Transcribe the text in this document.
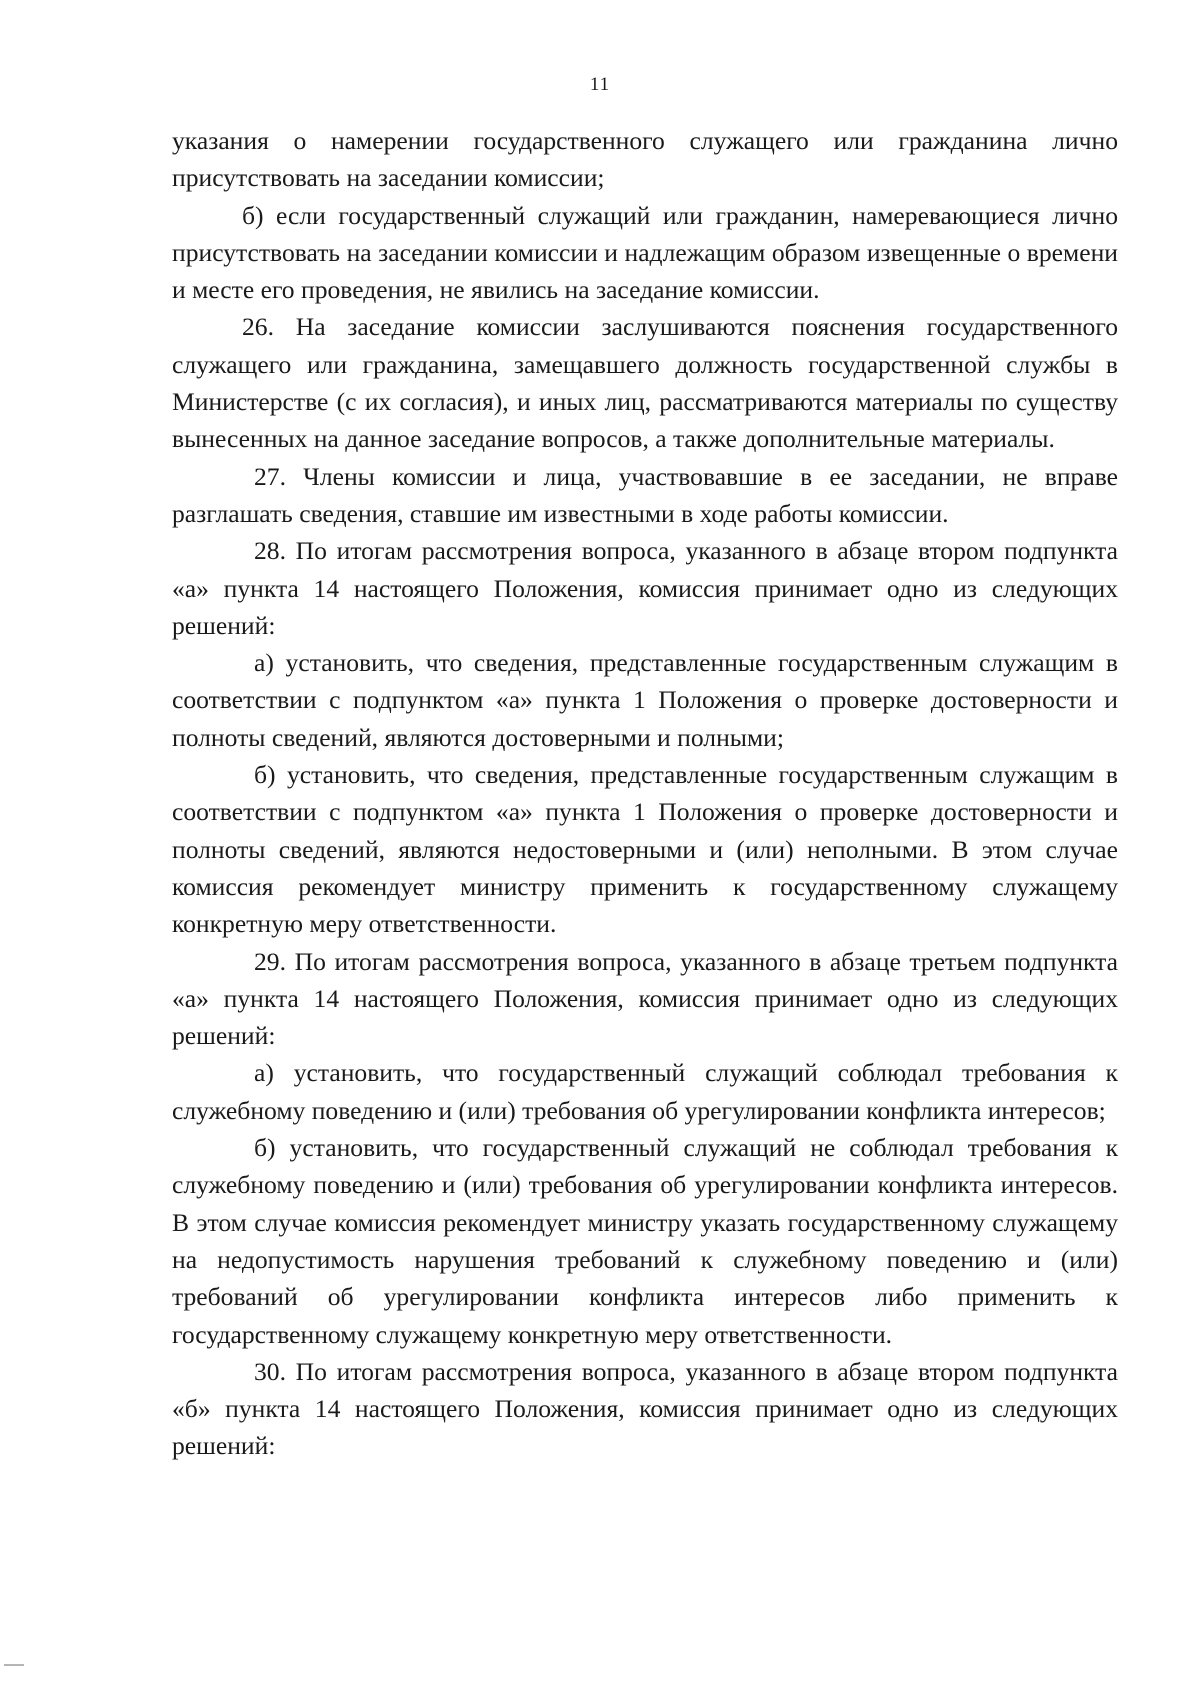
11

указания о намерении государственного служащего или гражданина лично присутствовать на заседании комиссии;

б) если государственный служащий или гражданин, намеревающиеся лично присутствовать на заседании комиссии и надлежащим образом извещенные о времени и месте его проведения, не явились на заседание комиссии.

26. На заседание комиссии заслушиваются пояснения государственного служащего или гражданина, замещавшего должность государственной службы в Министерстве (с их согласия), и иных лиц, рассматриваются материалы по существу вынесенных на данное заседание вопросов, а также дополнительные материалы.

27. Члены комиссии и лица, участвовавшие в ее заседании, не вправе разглашать сведения, ставшие им известными в ходе работы комиссии.

28. По итогам рассмотрения вопроса, указанного в абзаце втором подпункта «а» пункта 14 настоящего Положения, комиссия принимает одно из следующих решений:

а) установить, что сведения, представленные государственным служащим в соответствии с подпунктом «а» пункта 1 Положения о проверке достоверности и полноты сведений, являются достоверными и полными;

б) установить, что сведения, представленные государственным служащим в соответствии с подпунктом «а» пункта 1 Положения о проверке достоверности и полноты сведений, являются недостоверными и (или) неполными. В этом случае комиссия рекомендует министру применить к государственному служащему конкретную меру ответственности.

29. По итогам рассмотрения вопроса, указанного в абзаце третьем подпункта «а» пункта 14 настоящего Положения, комиссия принимает одно из следующих решений:

а) установить, что государственный служащий соблюдал требования к служебному поведению и (или) требования об урегулировании конфликта интересов;

б) установить, что государственный служащий не соблюдал требования к служебному поведению и (или) требования об урегулировании конфликта интересов. В этом случае комиссия рекомендует министру указать государственному служащему на недопустимость нарушения требований к служебному поведению и (или) требований об урегулировании конфликта интересов либо применить к государственному служащему конкретную меру ответственности.

30. По итогам рассмотрения вопроса, указанного в абзаце втором подпункта «б» пункта 14 настоящего Положения, комиссия принимает одно из следующих решений:
